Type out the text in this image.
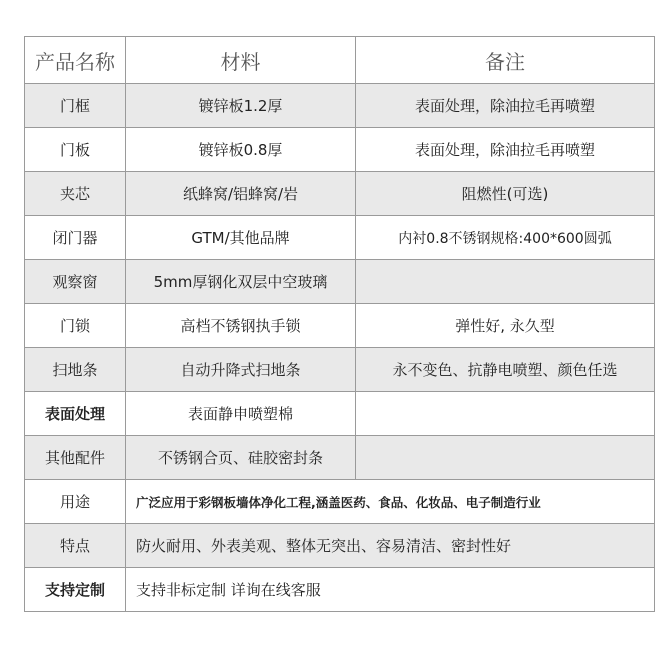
产品名称	材料	备注
门框	镀锌板1.2厚	表面处理，除油拉毛再喷塑
门板	镀锌板0.8厚	表面处理，除油拉毛再喷塑
夹芯	纸蜂窝/铝蜂窝/岩	阻燃性(可选)
闭门器	GTM/其他品牌	内衬0.8不锈钢规格:400*600圆弧
观察窗	5mm厚钢化双层中空玻璃	
门锁	高档不锈钢执手锁	弹性好, 永久型
扫地条	自动升降式扫地条	永不变色、抗静电喷塑、颜色任选
表面处理	表面静申喷塑棉	
其他配件	不锈钢合页、硅胶密封条	
用途	广泛应用于彩钢板墙体净化工程,涵盖医药、食品、化妆品、电子制造行业	
特点	防火耐用、外表美观、整体无突出、容易清洁、密封性好	
支持定制	支持非标定制 详询在线客服	
